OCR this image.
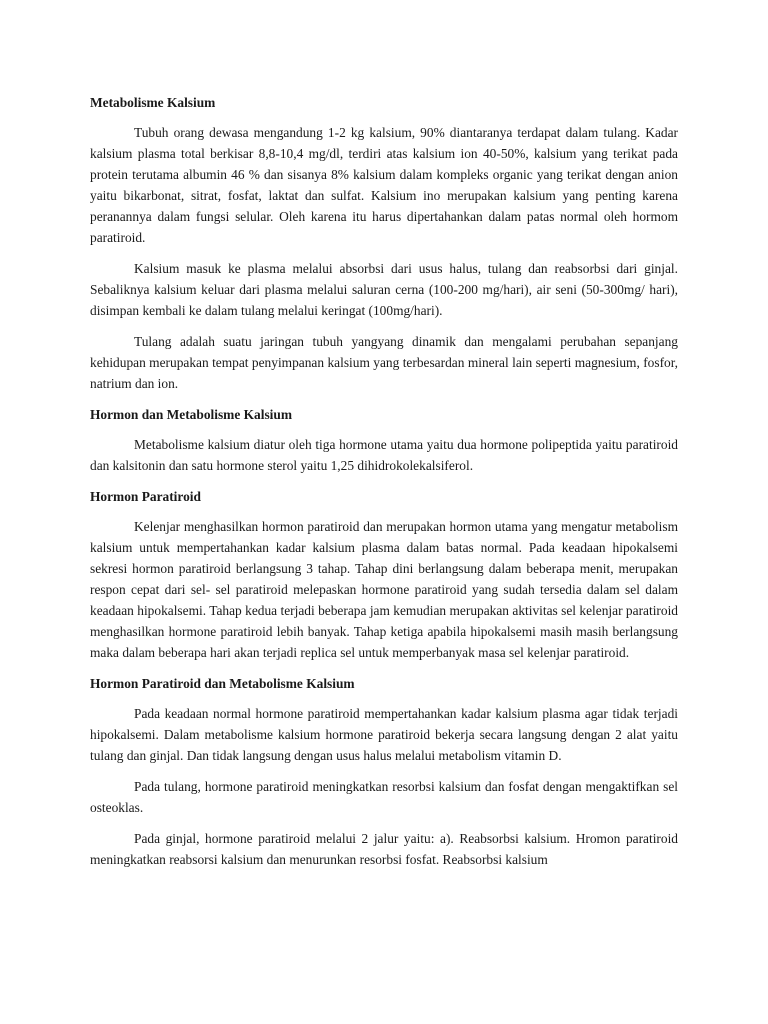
Metabolisme Kalsium

Tubuh orang dewasa mengandung 1-2 kg kalsium, 90% diantaranya terdapat dalam tulang. Kadar kalsium plasma total berkisar 8,8-10,4 mg/dl, terdiri atas kalsium ion 40-50%, kalsium yang terikat pada protein terutama albumin 46 % dan sisanya 8% kalsium dalam kompleks organic yang terikat dengan anion yaitu bikarbonat, sitrat, fosfat, laktat dan sulfat. Kalsium ino merupakan kalsium yang penting karena peranannya dalam fungsi selular. Oleh karena itu harus dipertahankan dalam patas normal oleh hormom paratiroid.

Kalsium masuk ke plasma melalui absorbsi dari usus halus, tulang dan reabsorbsi dari ginjal. Sebaliknya kalsium keluar dari plasma melalui saluran cerna (100-200 mg/hari), air seni (50-300mg/ hari), disimpan kembali ke dalam tulang melalui keringat (100mg/hari).

Tulang adalah suatu jaringan tubuh yangyang dinamik dan mengalami perubahan sepanjang kehidupan merupakan tempat penyimpanan kalsium yang terbesardan mineral lain seperti magnesium, fosfor, natrium dan ion.

Hormon dan Metabolisme Kalsium

Metabolisme kalsium diatur oleh tiga hormone utama yaitu dua hormone polipeptida yaitu paratiroid dan kalsitonin dan satu hormone sterol yaitu 1,25 dihidrokolekalsiferol.

Hormon Paratiroid

Kelenjar menghasilkan hormon paratiroid dan merupakan hormon utama yang mengatur metabolism kalsium untuk mempertahankan kadar kalsium plasma dalam batas normal. Pada keadaan hipokalsemi sekresi hormon paratiroid berlangsung 3 tahap. Tahap dini berlangsung dalam beberapa menit, merupakan respon cepat dari sel- sel paratiroid melepaskan hormone paratiroid yang sudah tersedia dalam sel dalam keadaan hipokalsemi. Tahap kedua terjadi beberapa jam kemudian merupakan aktivitas sel kelenjar paratiroid menghasilkan hormone paratiroid lebih banyak. Tahap ketiga apabila hipokalsemi masih masih berlangsung maka dalam beberapa hari akan terjadi replica sel untuk memperbanyak masa sel kelenjar paratiroid.

Hormon Paratiroid dan Metabolisme Kalsium

Pada keadaan normal hormone paratiroid mempertahankan kadar kalsium plasma agar tidak terjadi hipokalsemi. Dalam metabolisme kalsium hormone paratiroid bekerja secara langsung dengan 2 alat yaitu tulang dan ginjal. Dan tidak langsung dengan usus halus melalui metabolism vitamin D.

Pada tulang, hormone paratiroid meningkatkan resorbsi kalsium dan fosfat dengan mengaktifkan sel osteoklas.

Pada ginjal, hormone paratiroid melalui 2 jalur yaitu: a). Reabsorbsi kalsium. Hromon paratiroid meningkatkan reabsorsi kalsium dan menurunkan resorbsi fosfat. Reabsorbsi kalsium
